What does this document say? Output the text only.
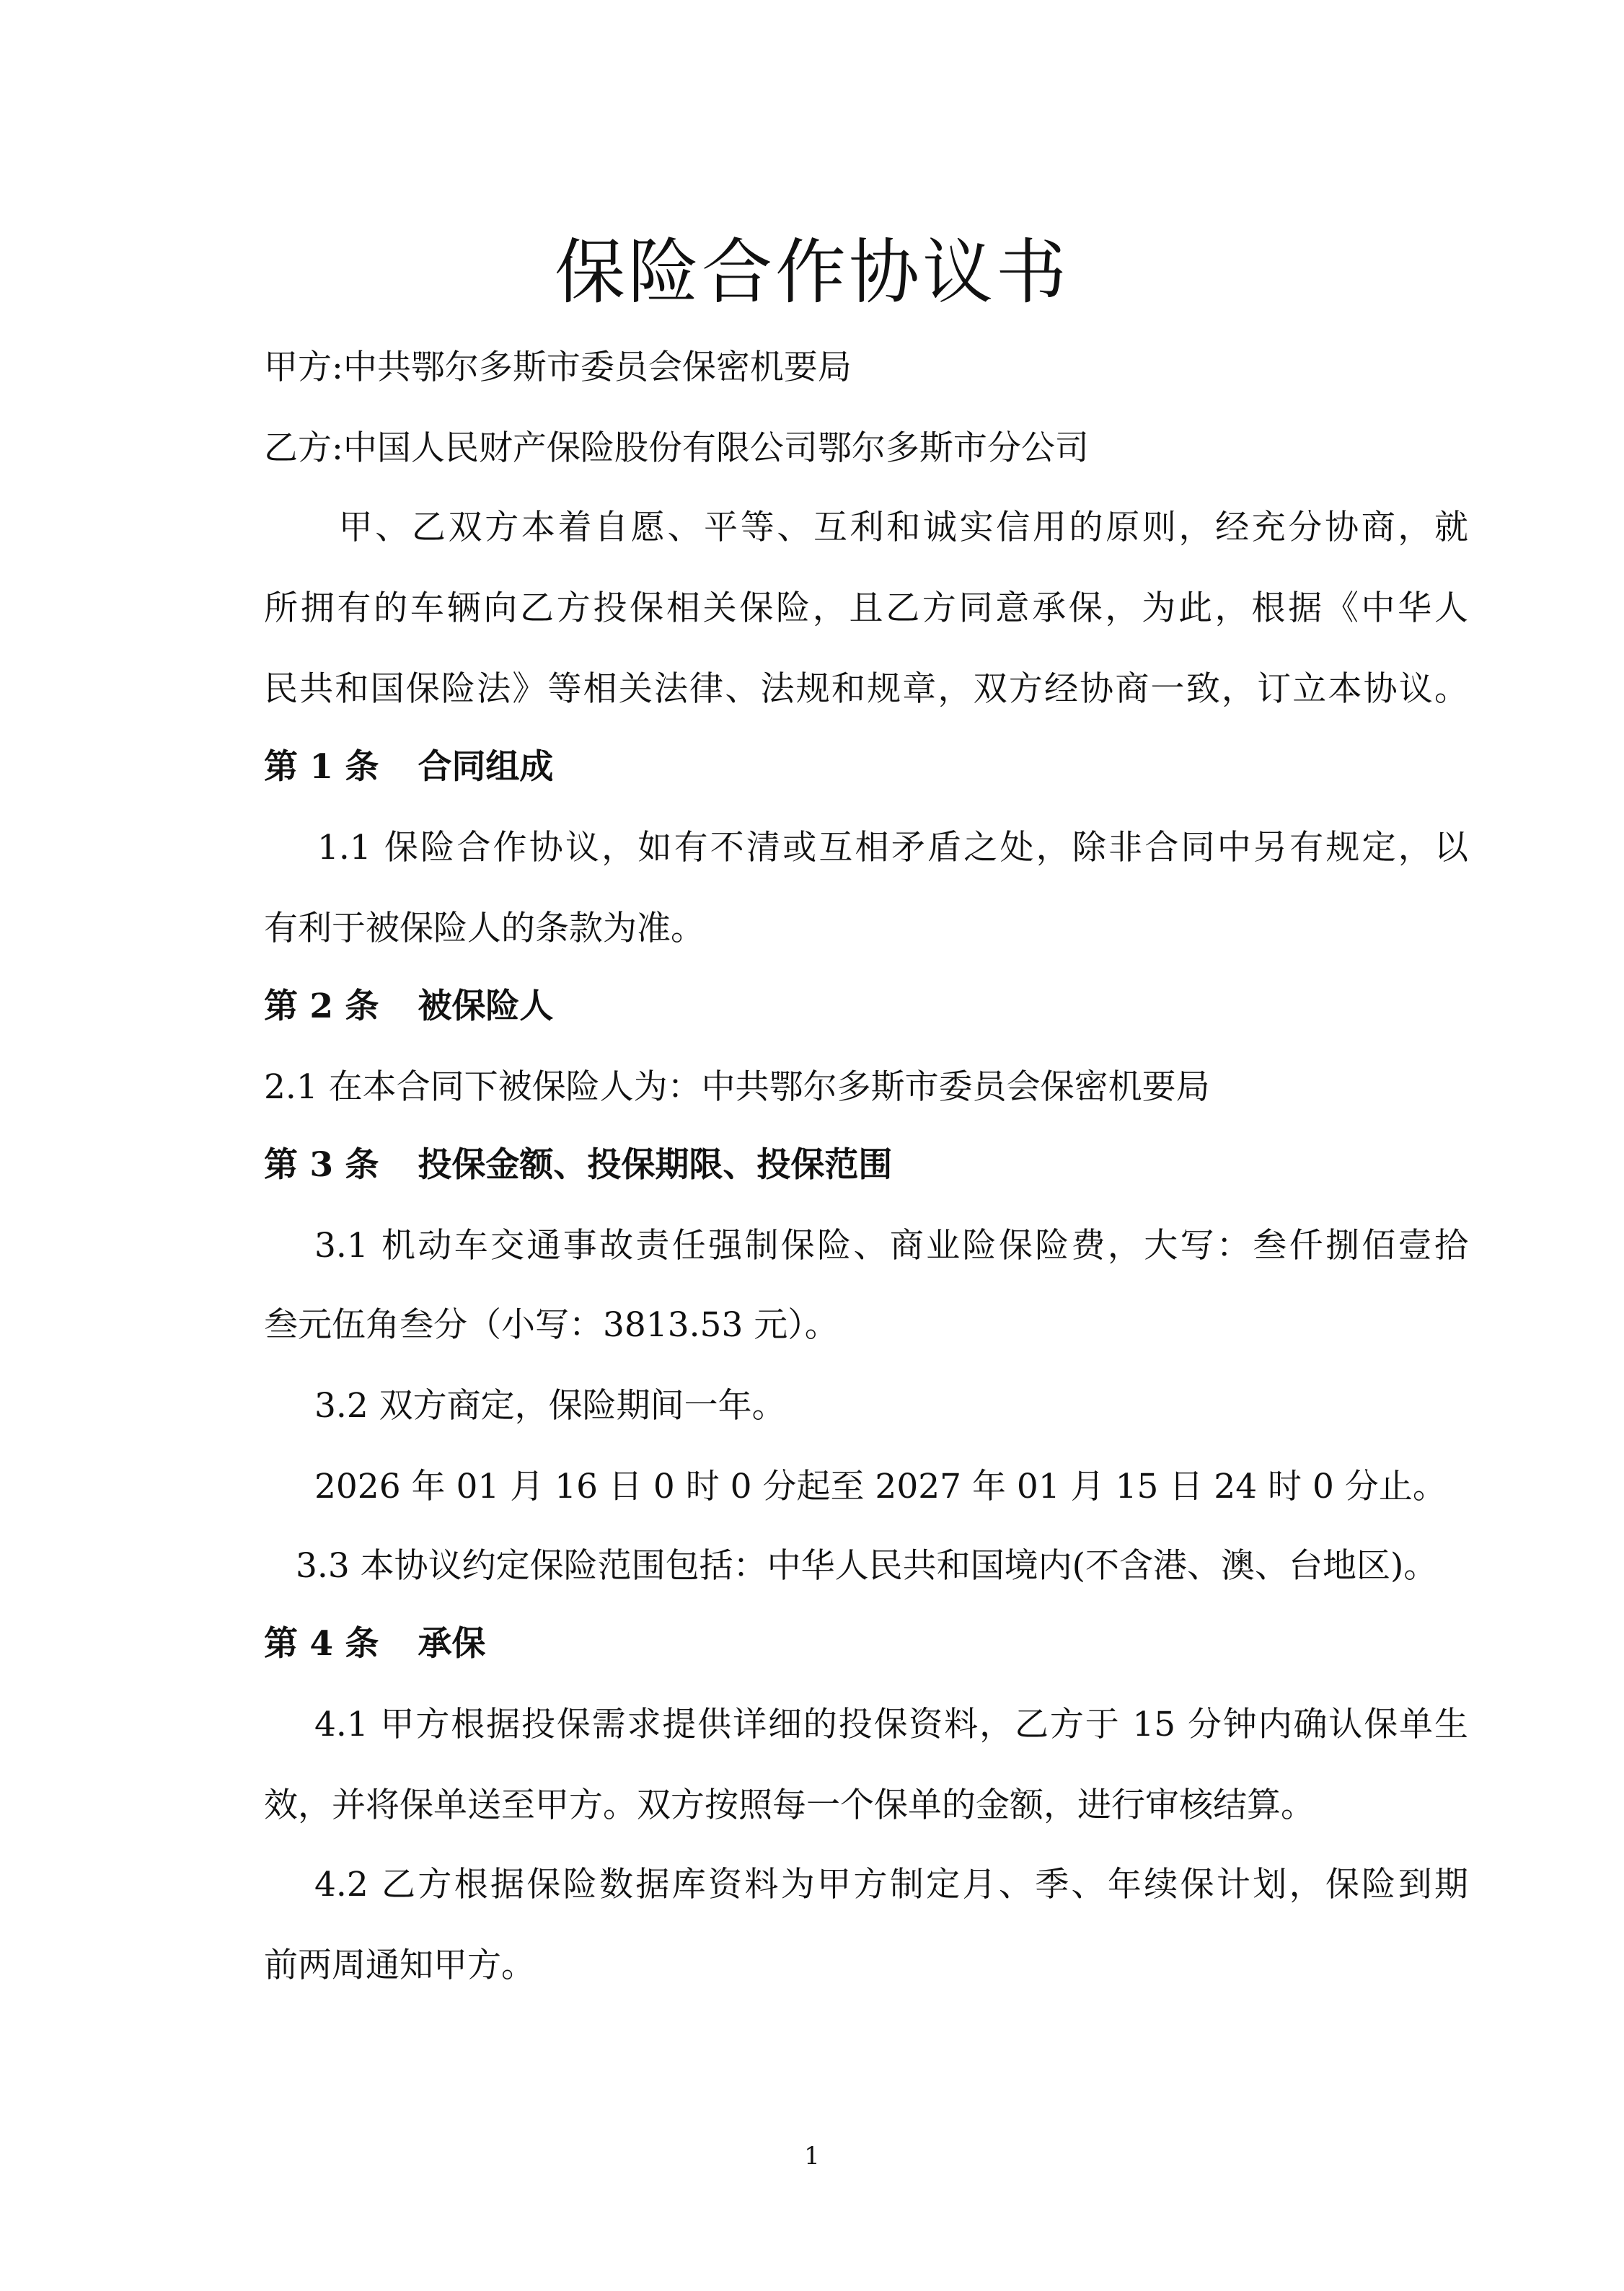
保险合作协议书
甲方:中共鄂尔多斯市委员会保密机要局
乙方:中国人民财产保险股份有限公司鄂尔多斯市分公司
甲、乙双方本着自愿、平等、互利和诚实信用的原则，经充分协商，就
所拥有的车辆向乙方投保相关保险，且乙方同意承保，为此，根据《中华人
民共和国保险法》等相关法律、法规和规章，双方经协商一致，订立本协议。
第 1 条 合同组成
1.1 保险合作协议，如有不清或互相矛盾之处，除非合同中另有规定，以
有利于被保险人的条款为准。
第 2 条 被保险人
2.1 在本合同下被保险人为：中共鄂尔多斯市委员会保密机要局
第 3 条 投保金额、投保期限、投保范围
3.1 机动车交通事故责任强制保险、商业险保险费，大写：叁仟捌佰壹拾
叁元伍角叁分（小写：3813.53 元）。
3.2 双方商定，保险期间一年。
2026 年 01 月 16 日 0 时 0 分起至 2027 年 01 月 15 日 24 时 0 分止。
3.3 本协议约定保险范围包括：中华人民共和国境内(不含港、澳、台地区)。
第 4 条 承保
4.1 甲方根据投保需求提供详细的投保资料，乙方于 15 分钟内确认保单生
效，并将保单送至甲方。双方按照每一个保单的金额，进行审核结算。
4.2 乙方根据保险数据库资料为甲方制定月、季、年续保计划，保险到期
前两周通知甲方。
1
